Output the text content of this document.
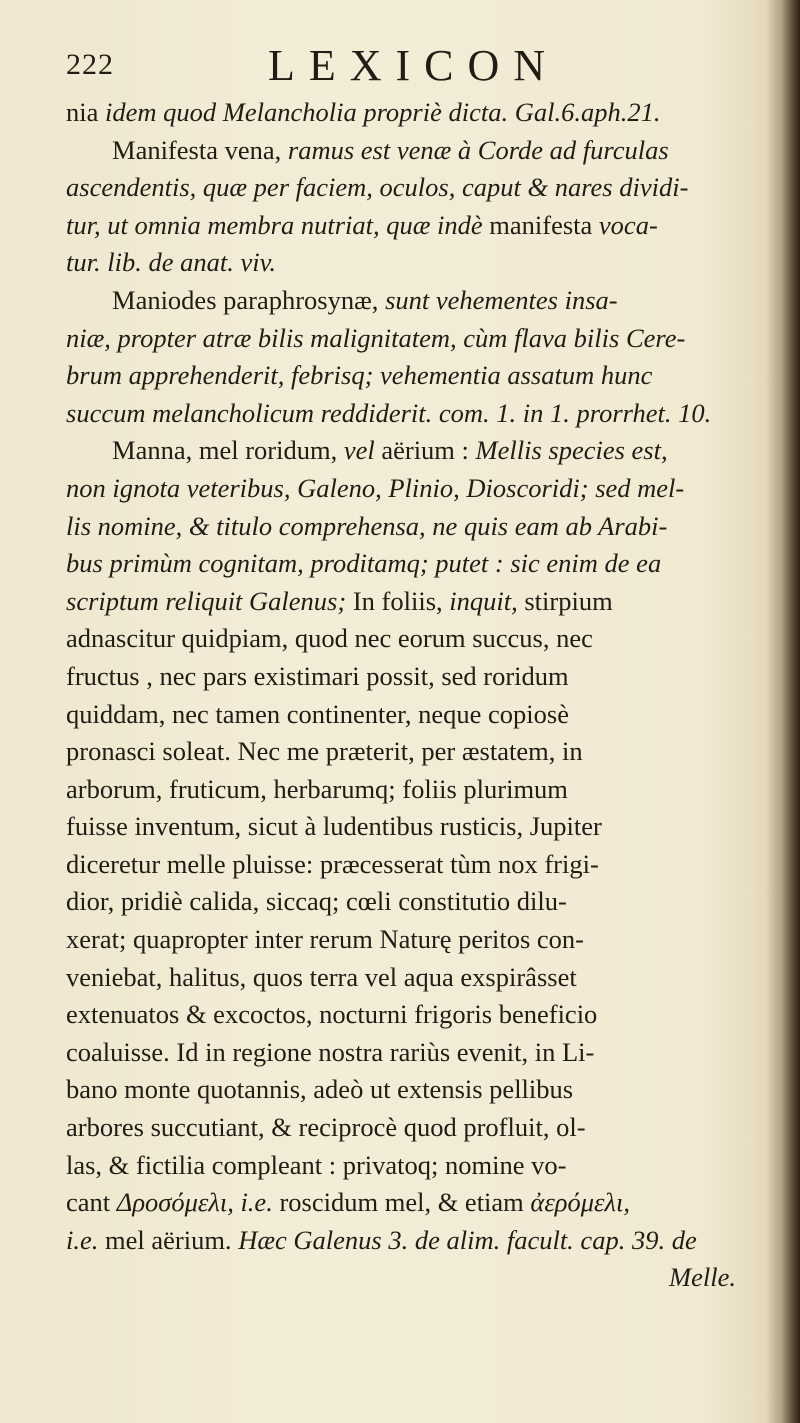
222	LEXICON
nia idem quod Melancholia propriè dicta. Gal.6.aph.21.
Manifesta vena, ramus est venæ à Corde ad furculas
ascendentis, quæ per faciem, oculos, caput & nares dividi-
tur, ut omnia membra nutriat, quæ indè manifesta voca-
tur. lib. de anat. viv.
Maniodes paraphrosynæ, sunt vehementes insa-
niæ, propter atræ bilis malignitatem, cùm flava bilis Cere-
brum apprehenderit, febrisq; vehementia assatum hunc
succum melancholicum reddiderit. com. 1. in 1. prorrhet. 10.
Manna, mel roridum, vel aërium : Mellis species est,
non ignota veteribus, Galeno, Plinio, Dioscoridi; sed mel-
lis nomine, & titulo comprehensa, ne quis eam ab Arabi-
bus primùm cognitam, proditamq; putet : sic enim de ea
scriptum reliquit Galenus; In foliis, inquit, stirpium
adnascitur quidpiam, quod nec eorum succus, nec
fructus , nec pars existimari possit, sed roridum
quiddam, nec tamen continenter, neque copiosè
pronasci soleat. Nec me præterit, per æstatem, in
arborum, fruticum, herbarumq; foliis plurimum
fuisse inventum, sicut à ludentibus rusticis, Jupiter
diceretur melle pluisse: præcesserat tùm nox frigi-
dior, pridiè calida, siccaq; cœli constitutio dilu-
xerat; quapropter inter rerum Naturę peritos con-
veniebat, halitus, quos terra vel aqua exspirâsset
extenuatos & excoctos, nocturni frigoris beneficio
coaluisse. Id in regione nostra rariùs evenit, in Li-
bano monte quotannis, adeò ut extensis pellibus
arbores succutiant, & reciprocè quod profluit, ol-
las, & fictilia compleant : privatoq; nomine vo-
cant Δροσόμελι, i.e. roscidum mel, & etiam ἀερόμελι,
i.e. mel aërium. Hæc Galenus 3. de alim. facult. cap. 39. de
Melle.
